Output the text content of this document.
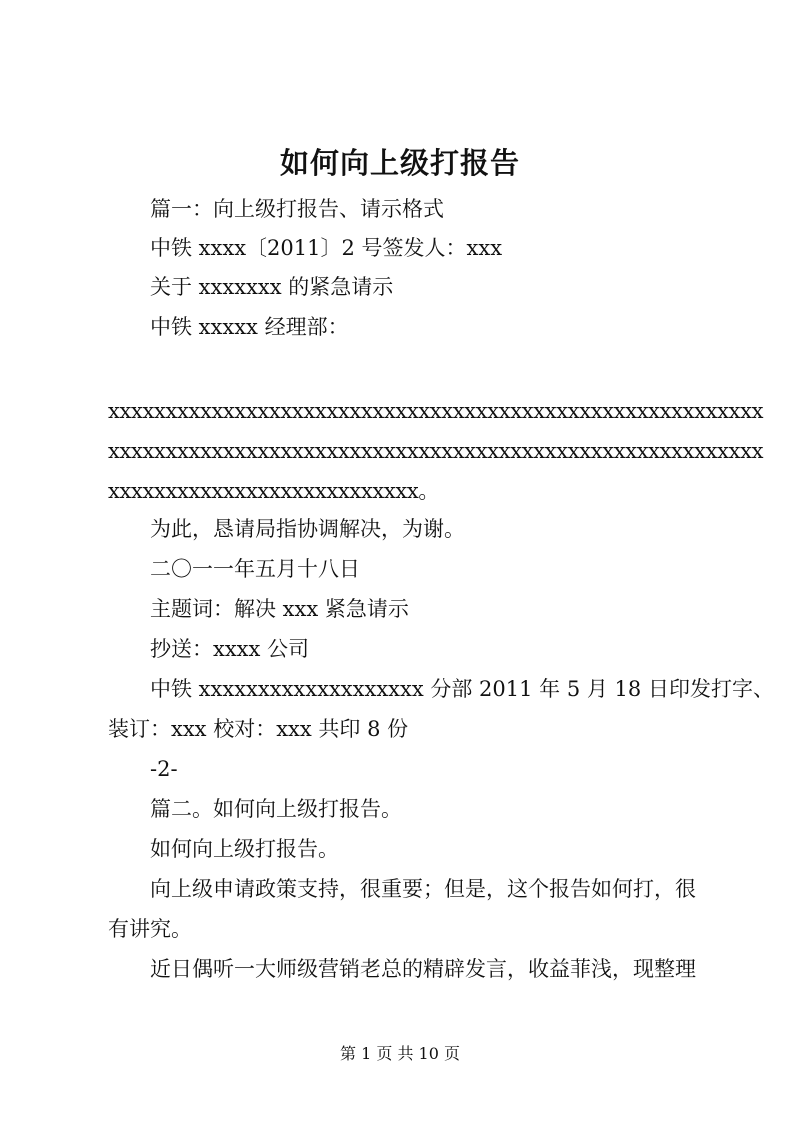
如何向上级打报告
篇一：向上级打报告、请示格式
中铁 xxxx〔2011〕2 号签发人：xxx
关于 xxxxxxx 的紧急请示
中铁 xxxxx 经理部：
xxxxxxxxxxxxxxxxxxxxxxxxxxxxxxxxxxxxxxxxxxxxxxxxxxxxxxxxx
xxxxxxxxxxxxxxxxxxxxxxxxxxxxxxxxxxxxxxxxxxxxxxxxxxxxxxxxx
xxxxxxxxxxxxxxxxxxxxxxxxxxx。
为此，恳请局指协调解决，为谢。
二〇一一年五月十八日
主题词：解决 xxx 紧急请示
抄送：xxxx 公司
中铁 xxxxxxxxxxxxxxxxxxx 分部 2011 年 5 月 18 日印发打字、
装订：xxx 校对：xxx 共印 8 份
-2-
篇二。如何向上级打报告。
如何向上级打报告。
向上级申请政策支持，很重要；但是，这个报告如何打，很
有讲究。
近日偶听一大师级营销老总的精辟发言，收益菲浅，现整理
第 1 页 共 10 页
